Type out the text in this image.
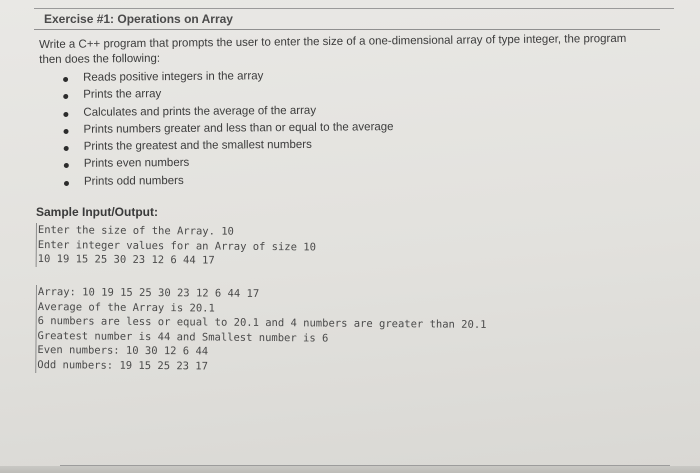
Exercise #1: Operations on Array
Write a C++ program that prompts the user to enter the size of a one-dimensional array of type integer, the program
then does the following:
Reads positive integers in the array
Prints the array
Calculates and prints the average of the array
Prints numbers greater and less than or equal to the average
Prints the greatest and the smallest numbers
Prints even numbers
Prints odd numbers
Sample Input/Output:
Enter the size of the Array. 10
Enter integer values for an Array of size 10
10 19 15 25 30 23 12 6 44 17
Array: 10 19 15 25 30 23 12 6 44 17
Average of the Array is 20.1
6 numbers are less or equal to 20.1 and 4 numbers are greater than 20.1
Greatest number is 44 and Smallest number is 6
Even numbers: 10 30 12 6 44
Odd numbers: 19 15 25 23 17
